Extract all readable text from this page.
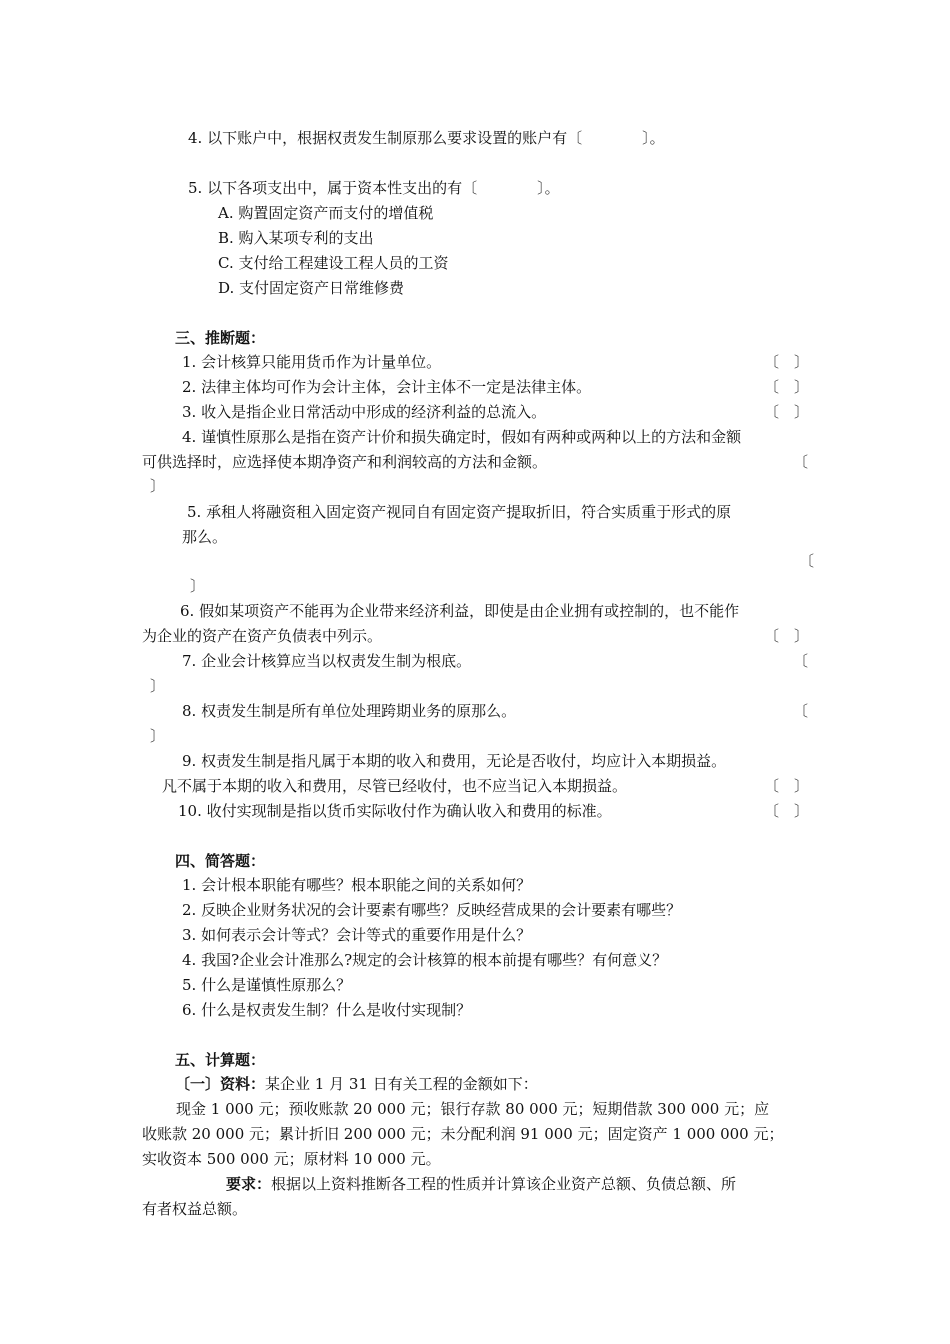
4. 以下账户中，根据权责发生制原那么要求设置的账户有〔　　　　〕。
5. 以下各项支出中，属于资本性支出的有〔　　　　〕。
A. 购置固定资产而支付的增值税
B. 购入某项专利的支出
C. 支付给工程建设工程人员的工资
D. 支付固定资产日常维修费
三、推断题：
1. 会计核算只能用货币作为计量单位。	〔　〕
2. 法律主体均可作为会计主体，会计主体不一定是法律主体。	〔　〕
3. 收入是指企业日常活动中形成的经济利益的总流入。	〔　〕
4. 谨慎性原那么是指在资产计价和损失确定时，假如有两种或两种以上的方法和金额
可供选择时，应选择使本期净资产和利润较高的方法和金额。	〔
〕
5. 承租人将融资租入固定资产视同自有固定资产提取折旧，符合实质重于形式的原
那么。
〔
〕
6. 假如某项资产不能再为企业带来经济利益，即使是由企业拥有或控制的，也不能作
为企业的资产在资产负债表中列示。	〔　〕
7. 企业会计核算应当以权责发生制为根底。	〔
〕
8. 权责发生制是所有单位处理跨期业务的原那么。	〔
〕
9. 权责发生制是指凡属于本期的收入和费用，无论是否收付，均应计入本期损益。
凡不属于本期的收入和费用，尽管已经收付，也不应当记入本期损益。	〔　〕
10. 收付实现制是指以货币实际收付作为确认收入和费用的标准。	〔　〕
四、简答题：
1. 会计根本职能有哪些？根本职能之间的关系如何？
2. 反映企业财务状况的会计要素有哪些？反映经营成果的会计要素有哪些？
3. 如何表示会计等式？会计等式的重要作用是什么？
4. 我国?企业会计准那么?规定的会计核算的根本前提有哪些？有何意义？
5. 什么是谨慎性原那么？
6. 什么是权责发生制？什么是收付实现制？
五、计算题：
〔一〕资料：某企业 1 月 31 日有关工程的金额如下：
现金 1 000 元；预收账款 20 000 元；银行存款 80 000 元；短期借款 300 000 元；应
收账款 20 000 元；累计折旧 200 000 元；未分配利润 91 000 元；固定资产 1 000 000 元；
实收资本 500 000 元；原材料 10 000 元。
要求：根据以上资料推断各工程的性质并计算该企业资产总额、负债总额、所
有者权益总额。
